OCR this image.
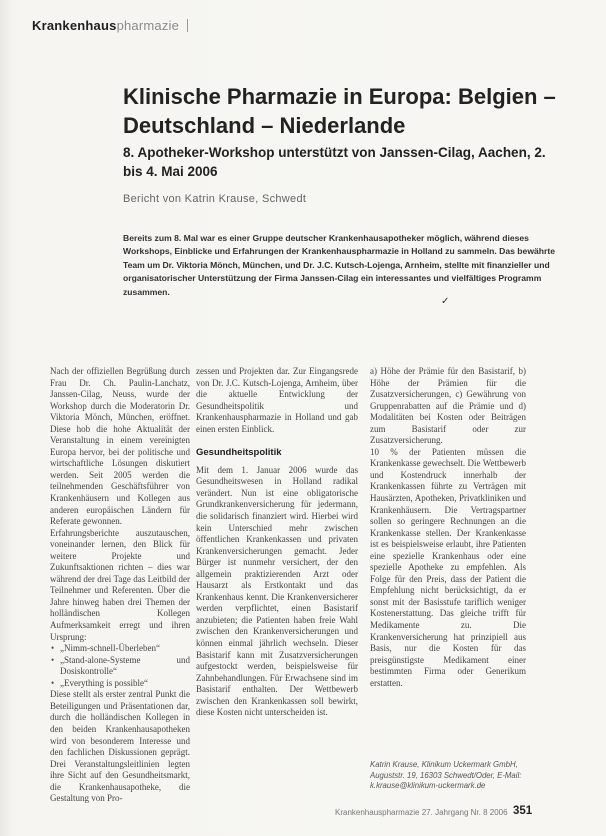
Krankenhauspharmazie
Klinische Pharmazie in Europa: Belgien – Deutschland – Niederlande
8. Apotheker-Workshop unterstützt von Janssen-Cilag, Aachen, 2. bis 4. Mai 2006
Bericht von Katrin Krause, Schwedt
Bereits zum 8. Mal war es einer Gruppe deutscher Krankenhausapotheker möglich, während dieses Workshops, Einblicke und Erfahrungen der Krankenhauspharmazie in Holland zu sammeln. Das bewährte Team um Dr. Viktoria Mönch, München, und Dr. J.C. Kutsch-Lojenga, Arnheim, stellte mit finanzieller und organisatorischer Unterstützung der Firma Janssen-Cilag ein interessantes und vielfältiges Programm zusammen.
✓

Nach der offiziellen Begrüßung durch Frau Dr. Ch. Paulin-Lanchatz, Janssen-Cilag, Neuss, wurde der Workshop durch die Moderatorin Dr. Viktoria Mönch, München, eröffnet. Diese hob die hohe Aktualität der Veranstaltung in einem vereinigten Europa hervor, bei der politische und wirtschaftliche Lösungen diskutiert werden. Seit 2005 werden die teilnehmenden Geschäftsführer von Krankenhäusern und Kollegen aus anderen europäischen Ländern für Referate gewonnen.

Erfahrungsberichte auszutauschen, voneinander lernen, den Blick für weitere Projekte und Zukunftsaktionen richten – dies war während der drei Tage das Leitbild der Teilnehmer und Referenten. Über die Jahre hinweg haben drei Themen der holländischen Kollegen Aufmerksamkeit erregt und ihren Ursprung:

• „Nimm-schnell-Überleben“
• „Stand-alone-Systeme und Dosiskontrolle“
• „Everything is possible“

Diese stellt als erster zentral Punkt die Beteiligungen und Präsentationen dar, durch die holländischen Kollegen in den beiden Krankenhausapotheken wird von besonderem Interesse und den fachlichen Diskussionen geprägt. Drei Veranstaltungsleitlinien legten ihre Sicht auf den Gesundheitsmarkt, die Krankenhausapotheke, die Gestaltung von Pro-

zessen und Projekten dar. Zur Eingangsrede von Dr. J.C. Kutsch-Lojenga, Arnheim, über die aktuelle Entwicklung der Gesundheitspolitik und Krankenhauspharmazie in Holland und gab einen ersten Einblick.

Gesundheitspolitik

Mit dem 1. Januar 2006 wurde das Gesundheitswesen in Holland radikal verändert. Nun ist eine obligatorische Grundkrankenversicherung für jedermann, die solidarisch finanziert wird. Hierbei wird kein Unterschied mehr zwischen öffentlichen Krankenkassen und privaten Krankenversicherungen gemacht. Jeder Bürger ist nunmehr versichert, der den allgemein praktizierenden Arzt oder Hausarzt als Erstkontakt und das Krankenhaus kennt. Die Krankenversicherer werden verpflichtet, einen Basistarif anzubieten; die Patienten haben freie Wahl zwischen den Krankenversicherungen und können einmal jährlich wechseln. Dieser Basistarif kann mit Zusatzversicherungen aufgestockt werden, beispielsweise für Zahnbehandlungen. Für Erwachsene sind im Basistarif enthalten. Der Wettbewerb zwischen den Krankenkassen soll bewirkt, diese Kosten nicht unterscheiden ist.

a) Höhe der Prämie für den Basistarif, b) Höhe der Prämien für die Zusatzversicherungen, c) Gewährung von Gruppenrabatten auf die Prämie und d) Modalitäten bei Kosten oder Beiträgen zum Basistarif oder zur Zusatzversicherung.

10 % der Patienten müssen die Krankenkasse gewechselt. Die Wettbewerb und Kostendruck innerhalb der Krankenkassen führte zu Verträgen mit Hausärzten, Apotheken, Privatkliniken und Krankenhäusern. Die Vertragspartner sollen so geringere Rechnungen an die Krankenkasse stellen. Der Krankenkasse ist es beispielsweise erlaubt, ihre Patienten eine spezielle Krankenhaus oder eine spezielle Apotheke zu empfehlen. Als Folge für den Preis, dass der Patient die Empfehlung nicht berücksichtigt, da er sonst mit der Basisstufe tariflich weniger Kostenerstattung. Das gleiche trifft für Medikamente zu. Die Krankenversicherung hat prinzipiell aus Basis, nur die Kosten für das preisgünstigste Medikament einer bestimmten Firma oder Generikum erstatten.

Katrin Krause, Klinikum Uckermark GmbH, Auguststr. 19, 16303 Schwedt/Oder, E-Mail: k.krause@klinikum-uckermark.de
Krankenhauspharmazie 27. Jahrgang Nr. 8 2006 351
